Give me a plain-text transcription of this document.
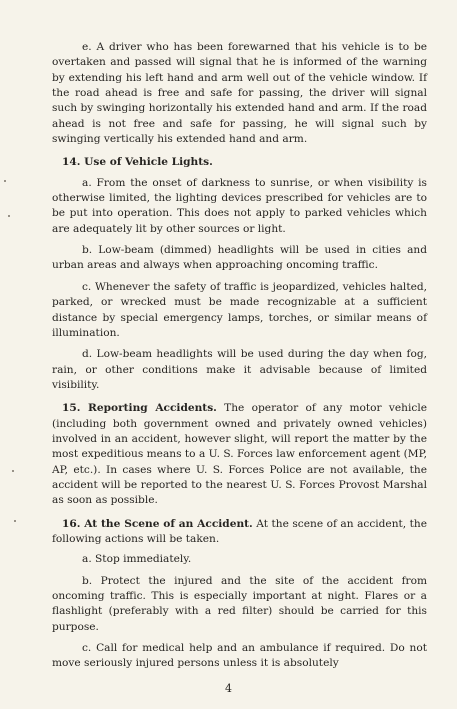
e. A driver who has been forewarned that his vehicle is to be overtaken and passed will signal that he is informed of the warning by extending his left hand and arm well out of the vehicle window. If the road ahead is free and safe for passing, the driver will signal such by swinging horizontally his extended hand and arm. If the road ahead is not free and safe for passing, he will signal such by swinging vertically his extended hand and arm.

14. Use of Vehicle Lights.

a. From the onset of darkness to sunrise, or when visibility is otherwise limited, the lighting devices prescribed for vehicles are to be put into operation. This does not apply to parked vehicles which are adequately lit by other sources or light.

b. Low-beam (dimmed) headlights will be used in cities and urban areas and always when approaching oncoming traffic.

c. Whenever the safety of traffic is jeopardized, vehicles halted, parked, or wrecked must be made recognizable at a sufficient distance by special emergency lamps, torches, or similar means of illumination.

d. Low-beam headlights will be used during the day when fog, rain, or other conditions make it advisable because of limited visibility.

15. Reporting Accidents. The operator of any motor vehicle (including both government owned and privately owned vehicles) involved in an accident, however slight, will report the matter by the most expeditious means to a U. S. Forces law enforcement agent (MP, AP, etc.). In cases where U. S. Forces Police are not available, the accident will be reported to the nearest U. S. Forces Provost Marshal as soon as possible.

16. At the Scene of an Accident. At the scene of an accident, the following actions will be taken.

a. Stop immediately.

b. Protect the injured and the site of the accident from oncoming traffic. This is especially important at night. Flares or a flashlight (preferably with a red filter) should be carried for this purpose.

c. Call for medical help and an ambulance if required. Do not move seriously injured persons unless it is absolutely

4
